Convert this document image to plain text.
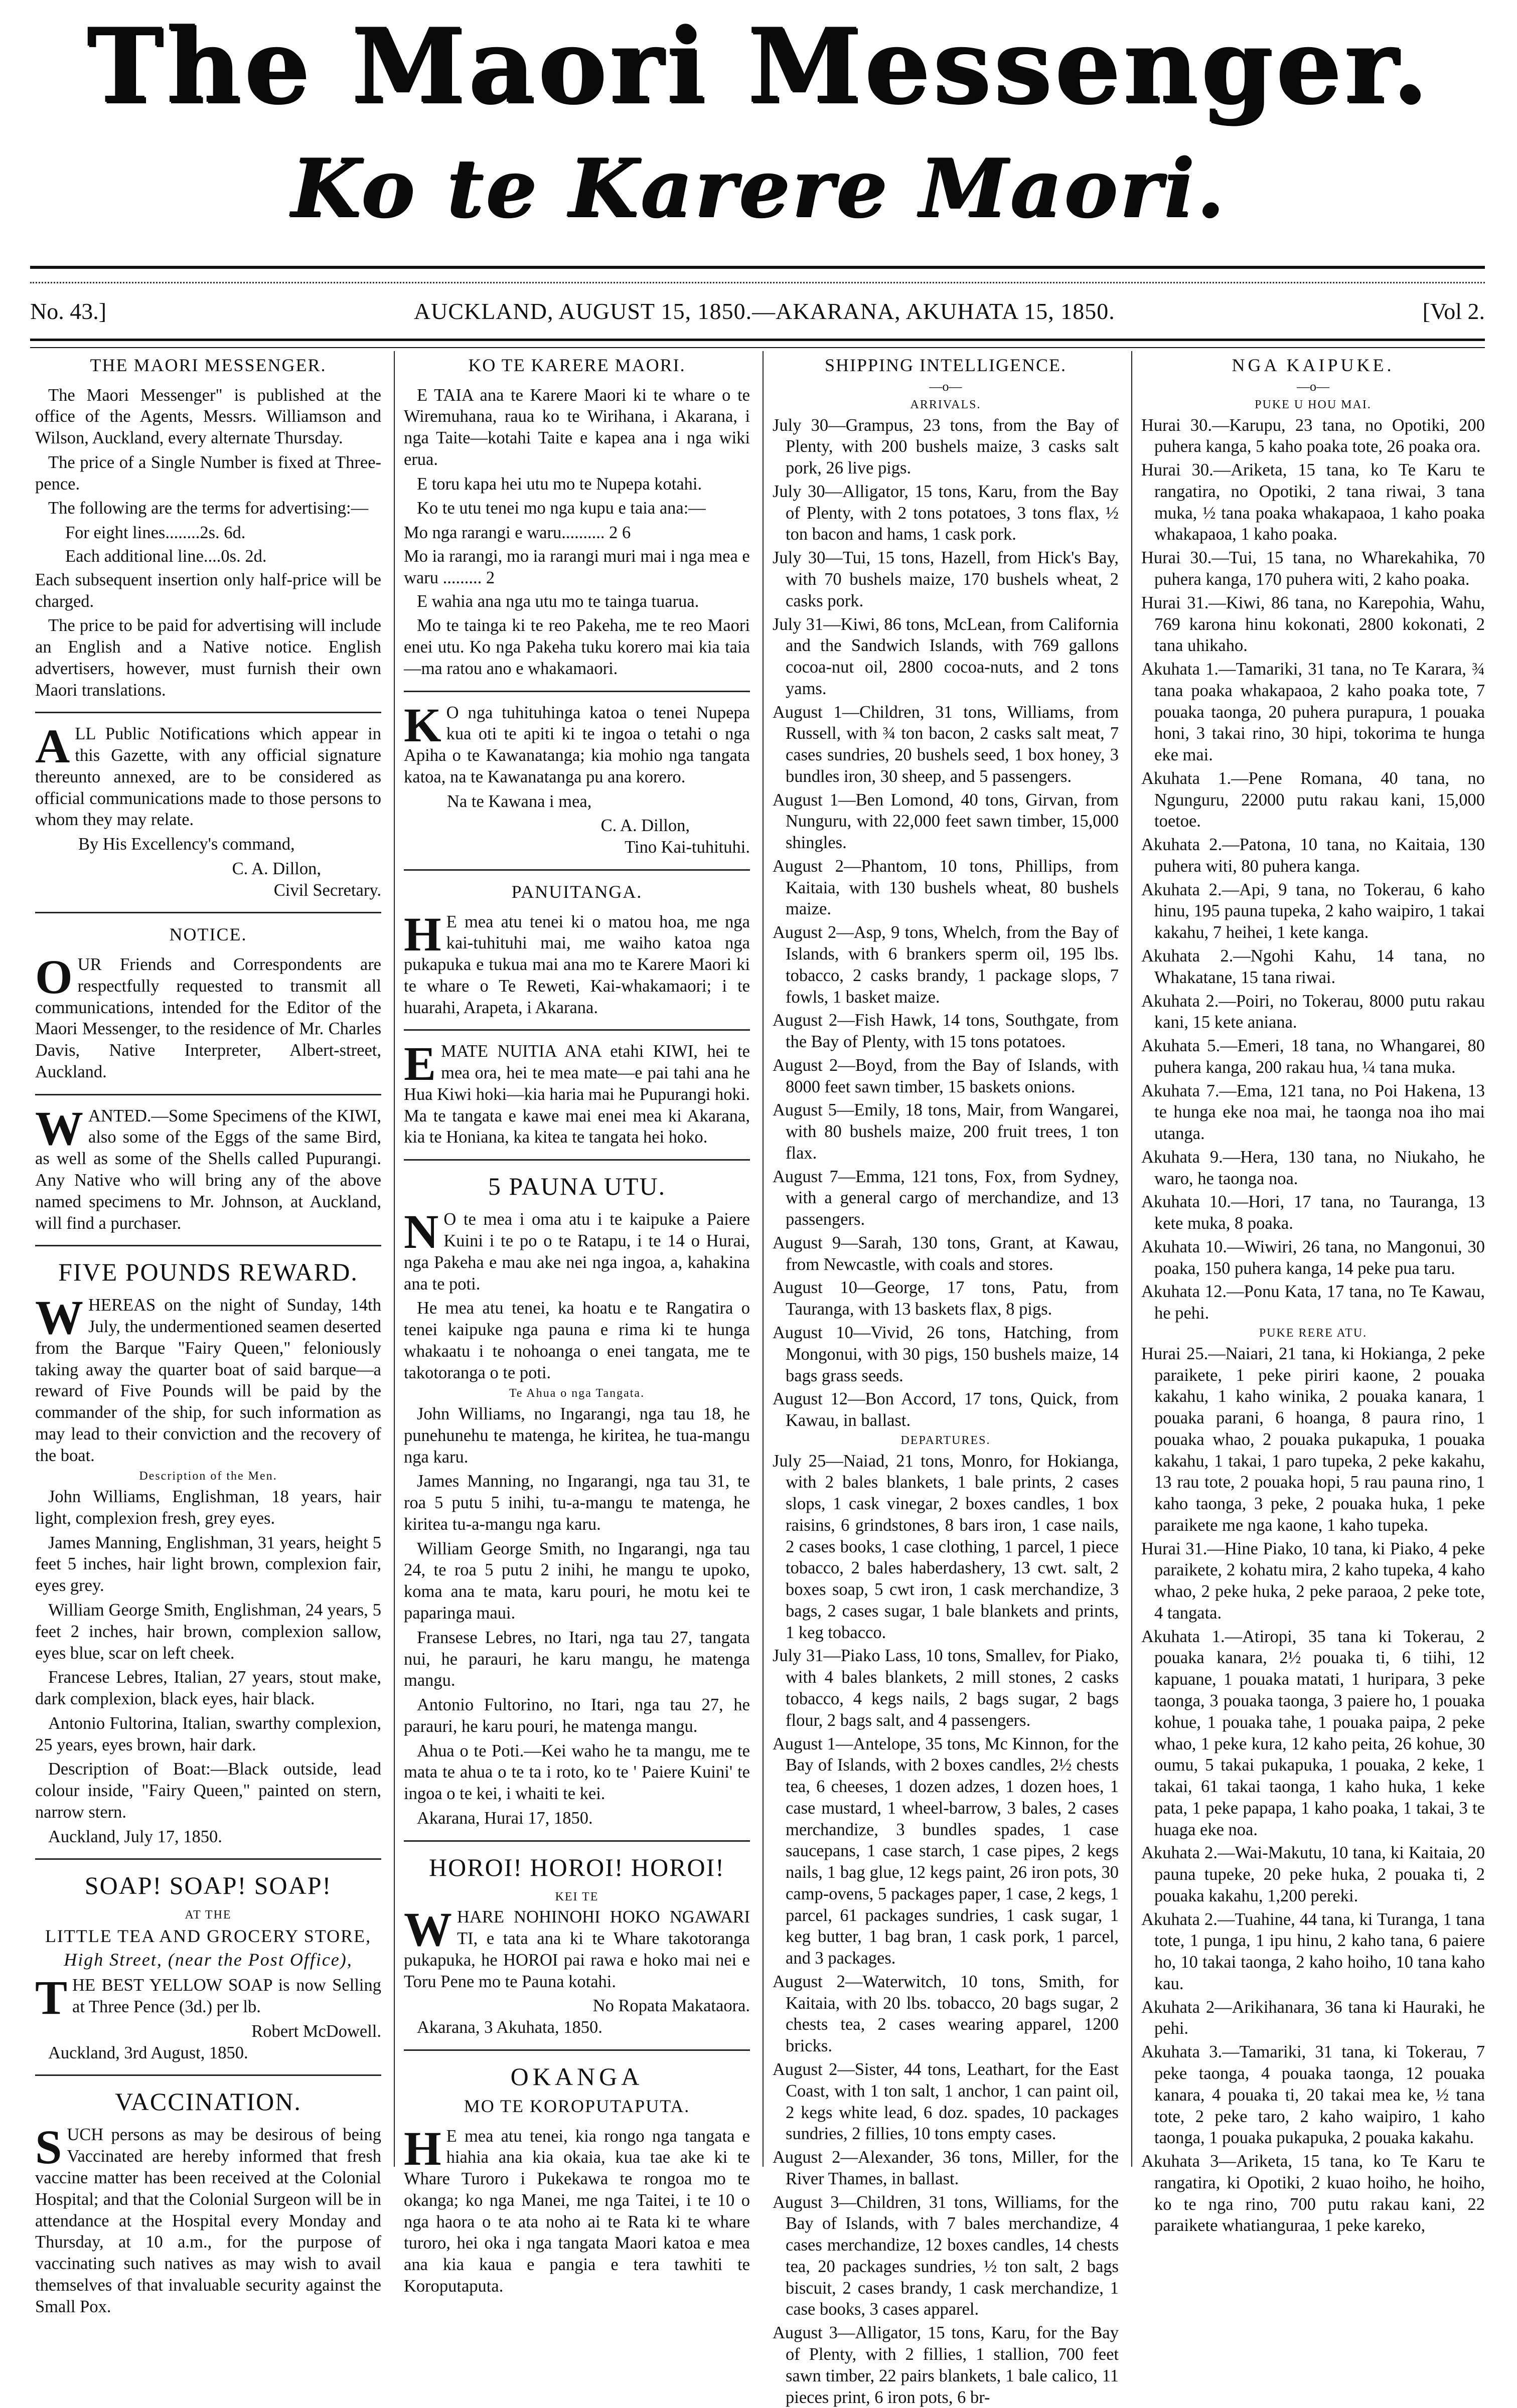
The Maori Messenger.
Ko te Karere Maori.
No. 43.]	AUCKLAND, AUGUST 15, 1850.—AKARANA, AKUHATA 15, 1850.	[Vol 2.
THE MAORI MESSENGER.

The Maori Messenger" is published at the office of the Agents, Messrs. Williamson and Wilson, Auckland, every alternate Thursday.

The price of a Single Number is fixed at Three-pence.

The following are the terms for advertising:—

For eight lines........2s. 6d.
Each additional line....0s. 2d.

Each subsequent insertion only half-price will be charged.

The price to be paid for advertising will include an English and a Native notice. English advertisers, however, must furnish their own Maori translations.

ALL Public Notifications which appear in this Gazette, with any official signature thereunto annexed, are to be considered as official communications made to those persons to whom they may relate.

By His Excellency's command,

C. A. Dillon,
Civil Secretary.
NOTICE.

OUR Friends and Correspondents are respectfully requested to transmit all communications, intended for the Editor of the Maori Messenger, to the residence of Mr. Charles Davis, Native Interpreter, Albert-street, Auckland.

WANTED.—Some Specimens of the KIWI, also some of the Eggs of the same Bird, as well as some of the Shells called Pupurangi. Any Native who will bring any of the above named specimens to Mr. Johnson, at Auckland, will find a purchaser.

FIVE POUNDS REWARD.

WHEREAS on the night of Sunday, 14th July, the undermentioned seamen deserted from the Barque "Fairy Queen," feloniously taking away the quarter boat of said barque—a reward of Five Pounds will be paid by the commander of the ship, for such information as may lead to their conviction and the recovery of the boat.

Description of the Men.

John Williams, Englishman, 18 years, hair light, complexion fresh, grey eyes.

James Manning, Englishman, 31 years, height 5 feet 5 inches, hair light brown, complexion fair, eyes grey.

William George Smith, Englishman, 24 years, 5 feet 2 inches, hair brown, complexion sallow, eyes blue, scar on left cheek.

Francese Lebres, Italian, 27 years, stout make, dark complexion, black eyes, hair black.

Antonio Fultorina, Italian, swarthy complexion, 25 years, eyes brown, hair dark.

Description of Boat:—Black outside, lead colour inside, "Fairy Queen," painted on stern, narrow stern.

Auckland, July 17, 1850.

SOAP! SOAP! SOAP!
AT THE
LITTLE TEA AND GROCERY STORE,
High Street, (near the Post Office),

THE BEST YELLOW SOAP is now Selling at Three Pence (3d.) per lb.

Robert McDowell.

Auckland, 3rd August, 1850.

VACCINATION.

SUCH persons as may be desirous of being Vaccinated are hereby informed that fresh vaccine matter has been received at the Colonial Hospital; and that the Colonial Surgeon will be in attendance at the Hospital every Monday and Thursday, at 10 a.m., for the purpose of vaccinating such natives as may wish to avail themselves of that invaluable security against the Small Pox.

KO TE KARERE MAORI.

E TAIA ana te Karere Maori ki te whare o te Wiremuhana, raua ko te Wirihana, i Akarana, i nga Taite—kotahi Taite e kapea ana i nga wiki erua.

E toru kapa hei utu mo te Nupepa kotahi.

Ko te utu tenei mo nga kupu e taia ana:—

Mo nga rarangi e waru.......... 2 6
Mo ia rarangi, mo ia rarangi muri mai i nga mea e waru ......... 2

E wahia ana nga utu mo te tainga tuarua.

Mo te tainga ki te reo Pakeha, me te reo Maori enei utu. Ko nga Pakeha tuku korero mai kia taia—ma ratou ano e whakamaori.

KO nga tuhituhinga katoa o tenei Nupepa kua oti te apiti ki te ingoa o tetahi o nga Apiha o te Kawanatanga; kia mohio nga tangata katoa, na te Kawanatanga pu ana korero.

Na te Kawana i mea,

C. A. Dillon,
Tino Kai-tuhituhi.
PANUITANGA.

HE mea atu tenei ki o matou hoa, me nga kai-tuhituhi mai, me waiho katoa nga pukapuka e tukua mai ana mo te Karere Maori ki te whare o Te Reweti, Kai-whakamaori; i te huarahi, Arapeta, i Akarana.

EMATE NUITIA ANA etahi KIWI, hei te mea ora, hei te mea mate—e pai tahi ana he Hua Kiwi hoki—kia haria mai he Pupurangi hoki. Ma te tangata e kawe mai enei mea ki Akarana, kia te Honiana, ka kitea te tangata hei hoko.

5 PAUNA UTU.

NO te mea i oma atu i te kaipuke a Paiere Kuini i te po o te Ratapu, i te 14 o Hurai, nga Pakeha e mau ake nei nga ingoa, a, kahakina ana te poti.

He mea atu tenei, ka hoatu e te Rangatira o tenei kaipuke nga pauna e rima ki te hunga whakaatu i te nohoanga o enei tangata, me te takotoranga o te poti.

Te Ahua o nga Tangata.

John Williams, no Ingarangi, nga tau 18, he punehunehu te matenga, he kiritea, he tua-mangu nga karu.

James Manning, no Ingarangi, nga tau 31, te roa 5 putu 5 inihi, tu-a-mangu te matenga, he kiritea tu-a-mangu nga karu.

William George Smith, no Ingarangi, nga tau 24, te roa 5 putu 2 inihi, he mangu te upoko, koma ana te mata, karu pouri, he motu kei te paparinga maui.

Fransese Lebres, no Itari, nga tau 27, tangata nui, he parauri, he karu mangu, he matenga mangu.

Antonio Fultorino, no Itari, nga tau 27, he parauri, he karu pouri, he matenga mangu.

Ahua o te Poti.—Kei waho he ta mangu, me te mata te ahua o te ta i roto, ko te ' Paiere Kuini' te ingoa o te kei, i whaiti te kei.

Akarana, Hurai 17, 1850.

HOROI! HOROI! HOROI!
KEI TE

WHARE NOHINOHI HOKO NGAWARI TI, e tata ana ki te Whare takotoranga pukapuka, he HOROI pai rawa e hoko mai nei e Toru Pene mo te Pauna kotahi.

No Ropata Makataora.

Akarana, 3 Akuhata, 1850.

OKANGA
MO TE KOROPUTAPUTA.

HE mea atu tenei, kia rongo nga tangata e hiahia ana kia okaia, kua tae ake ki te Whare Turoro i Pukekawa te rongoa mo te okanga; ko nga Manei, me nga Taitei, i te 10 o nga haora o te ata noho ai te Rata ki te whare turoro, hei oka i nga tangata Maori katoa e mea ana kia kaua e pangia e tera tawhiti te Koroputaputa.

SHIPPING INTELLIGENCE.
—o—
ARRIVALS.
July 30—Grampus, 23 tons, from the Bay of Plenty, with 200 bushels maize, 3 casks salt pork, 26 live pigs.
July 30—Alligator, 15 tons, Karu, from the Bay of Plenty, with 2 tons potatoes, 3 tons flax, ½ ton bacon and hams, 1 cask pork.
July 30—Tui, 15 tons, Hazell, from Hick's Bay, with 70 bushels maize, 170 bushels wheat, 2 casks pork.
July 31—Kiwi, 86 tons, McLean, from California and the Sandwich Islands, with 769 gallons cocoa-nut oil, 2800 cocoa-nuts, and 2 tons yams.
August 1—Children, 31 tons, Williams, from Russell, with ¾ ton bacon, 2 casks salt meat, 7 cases sundries, 20 bushels seed, 1 box honey, 3 bundles iron, 30 sheep, and 5 passengers.
August 1—Ben Lomond, 40 tons, Girvan, from Nunguru, with 22,000 feet sawn timber, 15,000 shingles.
August 2—Phantom, 10 tons, Phillips, from Kaitaia, with 130 bushels wheat, 80 bushels maize.
August 2—Asp, 9 tons, Whelch, from the Bay of Islands, with 6 brankers sperm oil, 195 lbs. tobacco, 2 casks brandy, 1 package slops, 7 fowls, 1 basket maize.
August 2—Fish Hawk, 14 tons, Southgate, from the Bay of Plenty, with 15 tons potatoes.
August 2—Boyd, from the Bay of Islands, with 8000 feet sawn timber, 15 baskets onions.
August 5—Emily, 18 tons, Mair, from Wangarei, with 80 bushels maize, 200 fruit trees, 1 ton flax.
August 7—Emma, 121 tons, Fox, from Sydney, with a general cargo of merchandize, and 13 passengers.
August 9—Sarah, 130 tons, Grant, at Kawau, from Newcastle, with coals and stores.
August 10—George, 17 tons, Patu, from Tauranga, with 13 baskets flax, 8 pigs.
August 10—Vivid, 26 tons, Hatching, from Mongonui, with 30 pigs, 150 bushels maize, 14 bags grass seeds.
August 12—Bon Accord, 17 tons, Quick, from Kawau, in ballast.
DEPARTURES.
July 25—Naiad, 21 tons, Monro, for Hokianga, with 2 bales blankets, 1 bale prints, 2 cases slops, 1 cask vinegar, 2 boxes candles, 1 box raisins, 6 grindstones, 8 bars iron, 1 case nails, 2 cases books, 1 case clothing, 1 parcel, 1 piece tobacco, 2 bales haberdashery, 13 cwt. salt, 2 boxes soap, 5 cwt iron, 1 cask merchandize, 3 bags, 2 cases sugar, 1 bale blankets and prints, 1 keg tobacco.
July 31—Piako Lass, 10 tons, Smallev, for Piako, with 4 bales blankets, 2 mill stones, 2 casks tobacco, 4 kegs nails, 2 bags sugar, 2 bags flour, 2 bags salt, and 4 passengers.
August 1—Antelope, 35 tons, Mc Kinnon, for the Bay of Islands, with 2 boxes candles, 2½ chests tea, 6 cheeses, 1 dozen adzes, 1 dozen hoes, 1 case mustard, 1 wheel-barrow, 3 bales, 2 cases merchandize, 3 bundles spades, 1 case saucepans, 1 case starch, 1 case pipes, 2 kegs nails, 1 bag glue, 12 kegs paint, 26 iron pots, 30 camp-ovens, 5 packages paper, 1 case, 2 kegs, 1 parcel, 61 packages sundries, 1 cask sugar, 1 keg butter, 1 bag bran, 1 cask pork, 1 parcel, and 3 packages.
August 2—Waterwitch, 10 tons, Smith, for Kaitaia, with 20 lbs. tobacco, 20 bags sugar, 2 chests tea, 2 cases wearing apparel, 1200 bricks.
August 2—Sister, 44 tons, Leathart, for the East Coast, with 1 ton salt, 1 anchor, 1 can paint oil, 2 kegs white lead, 6 doz. spades, 10 packages sundries, 2 fillies, 10 tons empty cases.
August 2—Alexander, 36 tons, Miller, for the River Thames, in ballast.
August 3—Children, 31 tons, Williams, for the Bay of Islands, with 7 bales merchandize, 4 cases merchandize, 12 boxes candles, 14 chests tea, 20 packages sundries, ½ ton salt, 2 bags biscuit, 2 cases brandy, 1 cask merchandize, 1 case books, 3 cases apparel.
August 3—Alligator, 15 tons, Karu, for the Bay of Plenty, with 2 fillies, 1 stallion, 700 feet sawn timber, 22 pairs blankets, 1 bale calico, 11 pieces print, 6 iron pots, 6 br-
NGA KAIPUKE.
—o—
PUKE U HOU MAI.
Hurai 30.—Karupu, 23 tana, no Opotiki, 200 puhera kanga, 5 kaho poaka tote, 26 poaka ora.
Hurai 30.—Ariketa, 15 tana, ko Te Karu te rangatira, no Opotiki, 2 tana riwai, 3 tana muka, ½ tana poaka whakapaoa, 1 kaho poaka whakapaoa, 1 kaho poaka.
Hurai 30.—Tui, 15 tana, no Wharekahika, 70 puhera kanga, 170 puhera witi, 2 kaho poaka.
Hurai 31.—Kiwi, 86 tana, no Karepohia, Wahu, 769 karona hinu kokonati, 2800 kokonati, 2 tana uhikaho.
Akuhata 1.—Tamariki, 31 tana, no Te Karara, ¾ tana poaka whakapaoa, 2 kaho poaka tote, 7 pouaka taonga, 20 puhera purapura, 1 pouaka honi, 3 takai rino, 30 hipi, tokorima te hunga eke mai.
Akuhata 1.—Pene Romana, 40 tana, no Ngunguru, 22000 putu rakau kani, 15,000 toetoe.
Akuhata 2.—Patona, 10 tana, no Kaitaia, 130 puhera witi, 80 puhera kanga.
Akuhata 2.—Api, 9 tana, no Tokerau, 6 kaho hinu, 195 pauna tupeka, 2 kaho waipiro, 1 takai kakahu, 7 heihei, 1 kete kanga.
Akuhata 2.—Ngohi Kahu, 14 tana, no Whakatane, 15 tana riwai.
Akuhata 2.—Poiri, no Tokerau, 8000 putu rakau kani, 15 kete aniana.
Akuhata 5.—Emeri, 18 tana, no Whangarei, 80 puhera kanga, 200 rakau hua, ¼ tana muka.
Akuhata 7.—Ema, 121 tana, no Poi Hakena, 13 te hunga eke noa mai, he taonga noa iho mai utanga.
Akuhata 9.—Hera, 130 tana, no Niukaho, he waro, he taonga noa.
Akuhata 10.—Hori, 17 tana, no Tauranga, 13 kete muka, 8 poaka.
Akuhata 10.—Wiwiri, 26 tana, no Mangonui, 30 poaka, 150 puhera kanga, 14 peke pua taru.
Akuhata 12.—Ponu Kata, 17 tana, no Te Kawau, he pehi.
PUKE RERE ATU.
Hurai 25.—Naiari, 21 tana, ki Hokianga, 2 peke paraikete, 1 peke piriri kaone, 2 pouaka kakahu, 1 kaho winika, 2 pouaka kanara, 1 pouaka parani, 6 hoanga, 8 paura rino, 1 pouaka whao, 2 pouaka pukapuka, 1 pouaka kakahu, 1 takai, 1 paro tupeka, 2 peke kakahu, 13 rau tote, 2 pouaka hopi, 5 rau pauna rino, 1 kaho taonga, 3 peke, 2 pouaka huka, 1 peke paraikete me nga kaone, 1 kaho tupeka.
Hurai 31.—Hine Piako, 10 tana, ki Piako, 4 peke paraikete, 2 kohatu mira, 2 kaho tupeka, 4 kaho whao, 2 peke huka, 2 peke paraoa, 2 peke tote, 4 tangata.
Akuhata 1.—Atiropi, 35 tana ki Tokerau, 2 pouaka kanara, 2½ pouaka ti, 6 tiihi, 12 kapuane, 1 pouaka matati, 1 huripara, 3 peke taonga, 3 pouaka taonga, 3 paiere ho, 1 pouaka kohue, 1 pouaka tahe, 1 pouaka paipa, 2 peke whao, 1 peke kura, 12 kaho peita, 26 kohue, 30 oumu, 5 takai pukapuka, 1 pouaka, 2 keke, 1 takai, 61 takai taonga, 1 kaho huka, 1 keke pata, 1 peke papapa, 1 kaho poaka, 1 takai, 3 te huaga eke noa.
Akuhata 2.—Wai-Makutu, 10 tana, ki Kaitaia, 20 pauna tupeke, 20 peke huka, 2 pouaka ti, 2 pouaka kakahu, 1,200 pereki.
Akuhata 2.—Tuahine, 44 tana, ki Turanga, 1 tana tote, 1 punga, 1 ipu hinu, 2 kaho tana, 6 paiere ho, 10 takai taonga, 2 kaho hoiho, 10 tana kaho kau.
Akuhata 2—Arikihanara, 36 tana ki Hauraki, he pehi.
Akuhata 3.—Tamariki, 31 tana, ki Tokerau, 7 peke taonga, 4 pouaka taonga, 12 pouaka kanara, 4 pouaka ti, 20 takai mea ke, ½ tana tote, 2 peke taro, 2 kaho waipiro, 1 kaho taonga, 1 pouaka pukapuka, 2 pouaka kakahu.
Akuhata 3—Ariketa, 15 tana, ko Te Karu te rangatira, ki Opotiki, 2 kuao hoiho, he hoiho, ko te nga rino, 700 putu rakau kani, 22 paraikete whatianguraa, 1 peke kareko,
